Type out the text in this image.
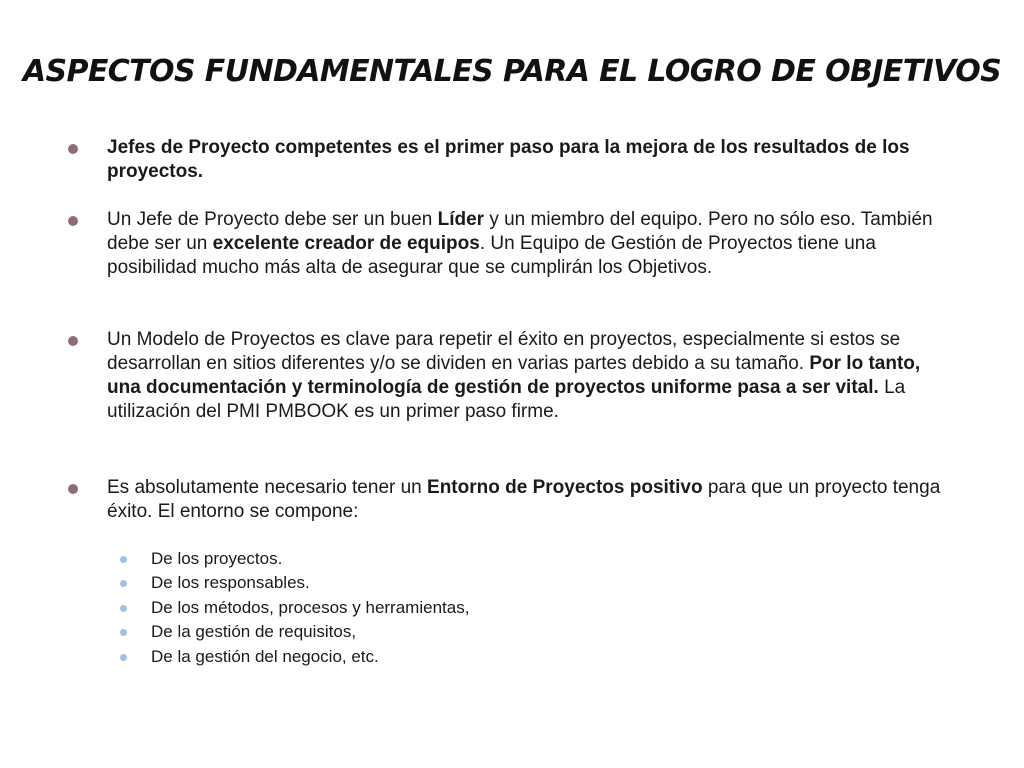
ASPECTOS FUNDAMENTALES PARA EL LOGRO DE OBJETIVOS
Jefes de Proyecto competentes es el primer paso para la mejora de los resultados de los proyectos.
Un Jefe de Proyecto debe ser un buen Líder y un miembro del equipo. Pero no sólo eso. También debe ser un excelente creador de equipos. Un Equipo de Gestión de Proyectos tiene una posibilidad mucho más alta de asegurar que se cumplirán los Objetivos.
Un Modelo de Proyectos es clave para repetir el éxito en proyectos, especialmente si estos se desarrollan en sitios diferentes y/o se dividen en varias partes debido a su tamaño. Por lo tanto, una documentación y terminología de gestión de proyectos uniforme pasa a ser vital. La utilización del PMI PMBOOK es un primer paso firme.
Es absolutamente necesario tener un Entorno de Proyectos positivo para que un proyecto tenga éxito. El entorno se compone:
De los proyectos.
De los responsables.
De los métodos, procesos y herramientas,
De la gestión de requisitos,
De la gestión del negocio, etc.
